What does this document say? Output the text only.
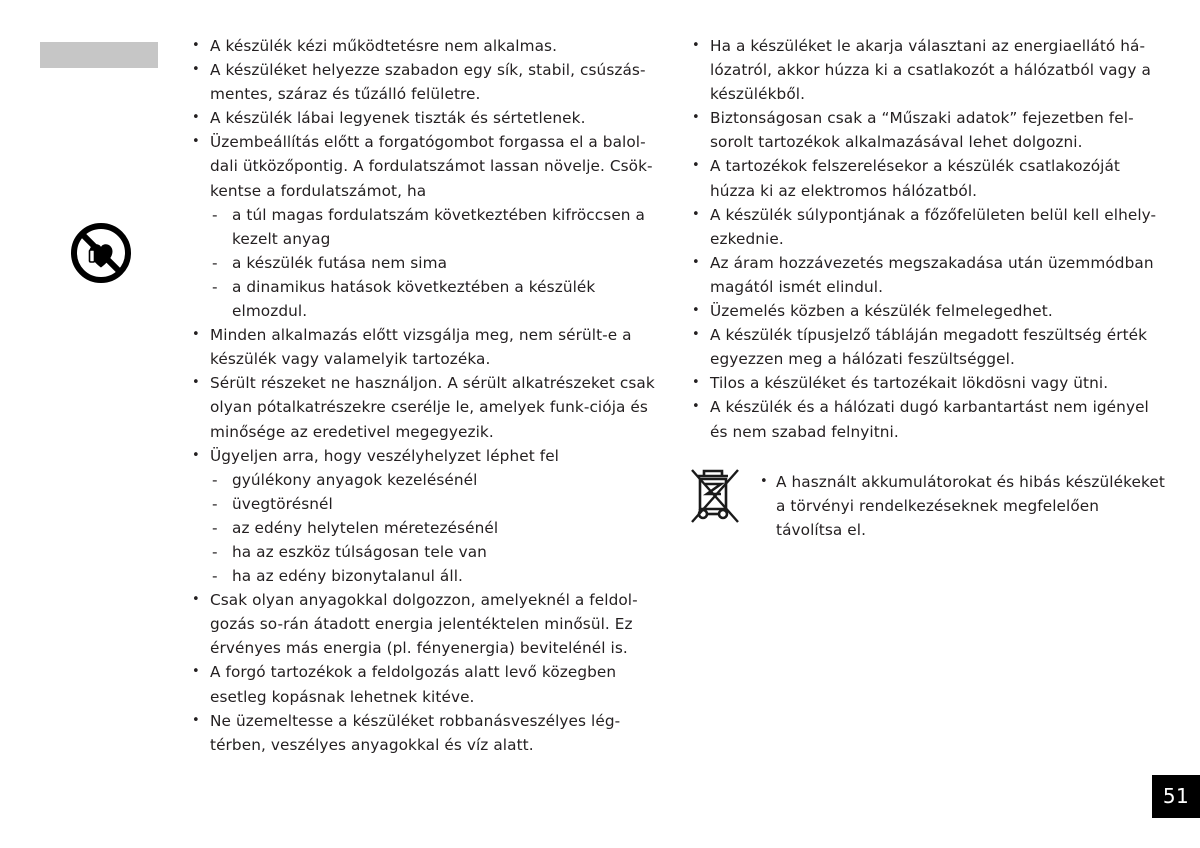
• A készülék kézi működtetésre nem alkalmas.
• A készüléket helyezze szabadon egy sík, stabil, csúszás-mentes, száraz és tűzálló felületre.
• A készülék lábai legyenek tiszták és sértetlenek.
• Üzembeállítás előtt a forgatógombot forgassa el a balol-dali ütközőpontig. A fordulatszámot lassan növelje. Csök-kentse a fordulatszámot, ha
- a túl magas fordulatszám következtében kifröccsen a kezelt anyag
- a készülék futása nem sima
- a dinamikus hatások következtében a készülék elmozdul.
• Minden alkalmazás előtt vizsgálja meg, nem sérült-e a készülék vagy valamelyik tartozéka.
• Sérült részeket ne használjon. A sérült alkatrészeket csak olyan pótalkatrészekre cserélje le, amelyek funk-ciója és minősége az eredetivel megegyezik.
• Ügyeljen arra, hogy veszélyhelyzet léphet fel
- gyúlékony anyagok kezelésénél
- üvegtörésnél
- az edény helytelen méretezésénél
- ha az eszköz túlságosan tele van
- ha az edény bizonytalanul áll.
• Csak olyan anyagokkal dolgozzon, amelyeknél a feldol-gozás so-rán átadott energia jelentéktelen minősül. Ez érvényes más energia (pl. fényenergia) bevitelénél is.
• A forgó tartozékok a feldolgozás alatt levő közegben esetleg kopásnak lehetnek kitéve.
• Ne üzemeltesse a készüléket robbanásveszélyes lég-térben, veszélyes anyagokkal és víz alatt.
• Ha a készüléket le akarja választani az energiaellátó há-lózatról, akkor húzza ki a csatlakozót a hálózatból vagy a készülékből.
• Biztonságosan csak a “Műszaki adatok” fejezetben fel-sorolt tartozékok alkalmazásával lehet dolgozni.
• A tartozékok felszerelésekor a készülék csatlakozóját húzza ki az elektromos hálózatból.
• A készülék súlypontjának a főzőfelületen belül kell elhely-ezkednie.
• Az áram hozzávezetés megszakadása után üzemmódban magától ismét elindul.
• Üzemelés közben a készülék felmelegedhet.
• A készülék típusjelző tábláján megadott feszültség érték egyezzen meg a hálózati feszültséggel.
• Tilos a készüléket és tartozékait lökdösni vagy ütni.
• A készülék és a hálózati dugó karbantartást nem igényel és nem szabad felnyitni.
• A használt akkumulátorokat és hibás készülékeket a törvényi rendelkezéseknek megfelelően távolítsa el.
51
